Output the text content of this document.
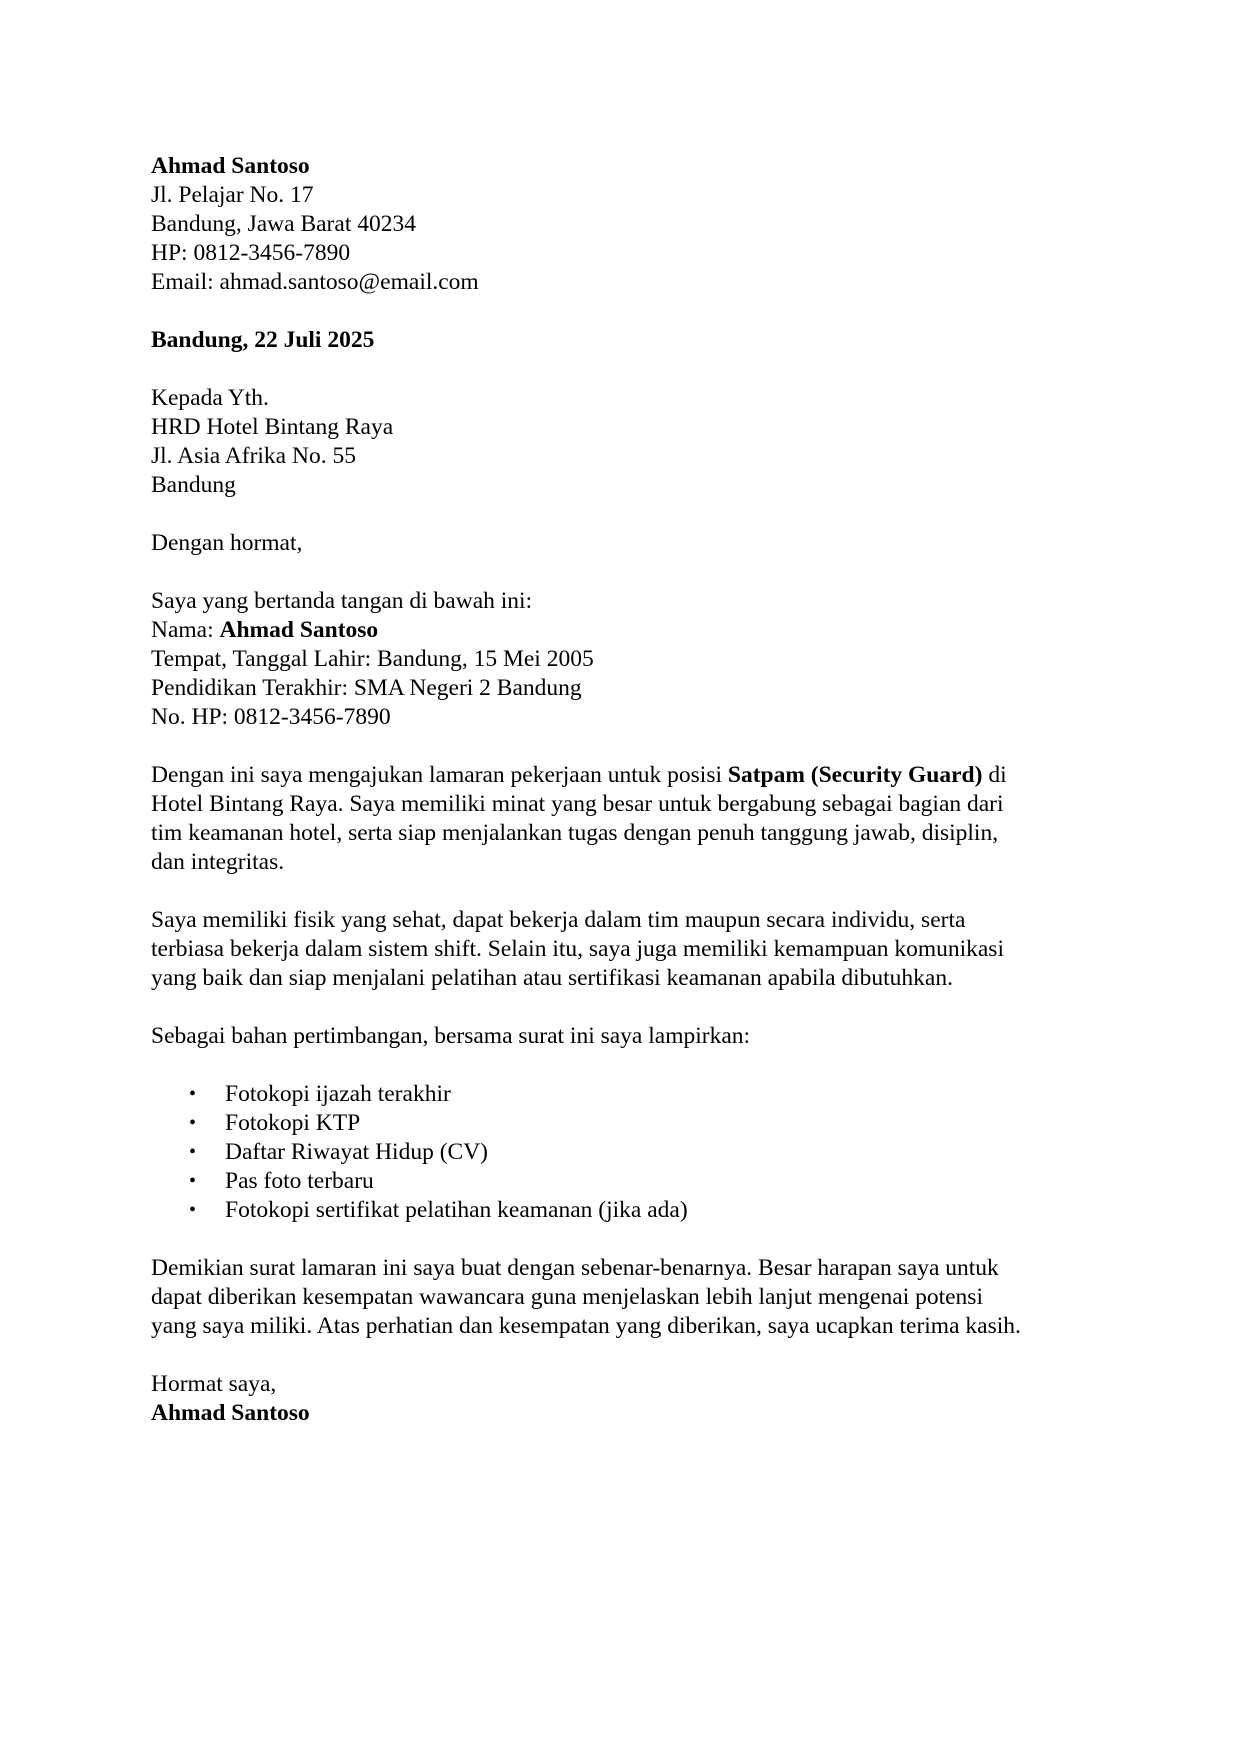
Ahmad Santoso
Jl. Pelajar No. 17
Bandung, Jawa Barat 40234
HP: 0812-3456-7890
Email: ahmad.santoso@email.com
Bandung, 22 Juli 2025
Kepada Yth.
HRD Hotel Bintang Raya
Jl. Asia Afrika No. 55
Bandung
Dengan hormat,
Saya yang bertanda tangan di bawah ini:
Nama: Ahmad Santoso
Tempat, Tanggal Lahir: Bandung, 15 Mei 2005
Pendidikan Terakhir: SMA Negeri 2 Bandung
No. HP: 0812-3456-7890
Dengan ini saya mengajukan lamaran pekerjaan untuk posisi Satpam (Security Guard) di
Hotel Bintang Raya. Saya memiliki minat yang besar untuk bergabung sebagai bagian dari
tim keamanan hotel, serta siap menjalankan tugas dengan penuh tanggung jawab, disiplin,
dan integritas.
Saya memiliki fisik yang sehat, dapat bekerja dalam tim maupun secara individu, serta
terbiasa bekerja dalam sistem shift. Selain itu, saya juga memiliki kemampuan komunikasi
yang baik dan siap menjalani pelatihan atau sertifikasi keamanan apabila dibutuhkan.
Sebagai bahan pertimbangan, bersama surat ini saya lampirkan:
• Fotokopi ijazah terakhir
• Fotokopi KTP
• Daftar Riwayat Hidup (CV)
• Pas foto terbaru
• Fotokopi sertifikat pelatihan keamanan (jika ada)
Demikian surat lamaran ini saya buat dengan sebenar-benarnya. Besar harapan saya untuk
dapat diberikan kesempatan wawancara guna menjelaskan lebih lanjut mengenai potensi
yang saya miliki. Atas perhatian dan kesempatan yang diberikan, saya ucapkan terima kasih.
Hormat saya,
Ahmad Santoso
